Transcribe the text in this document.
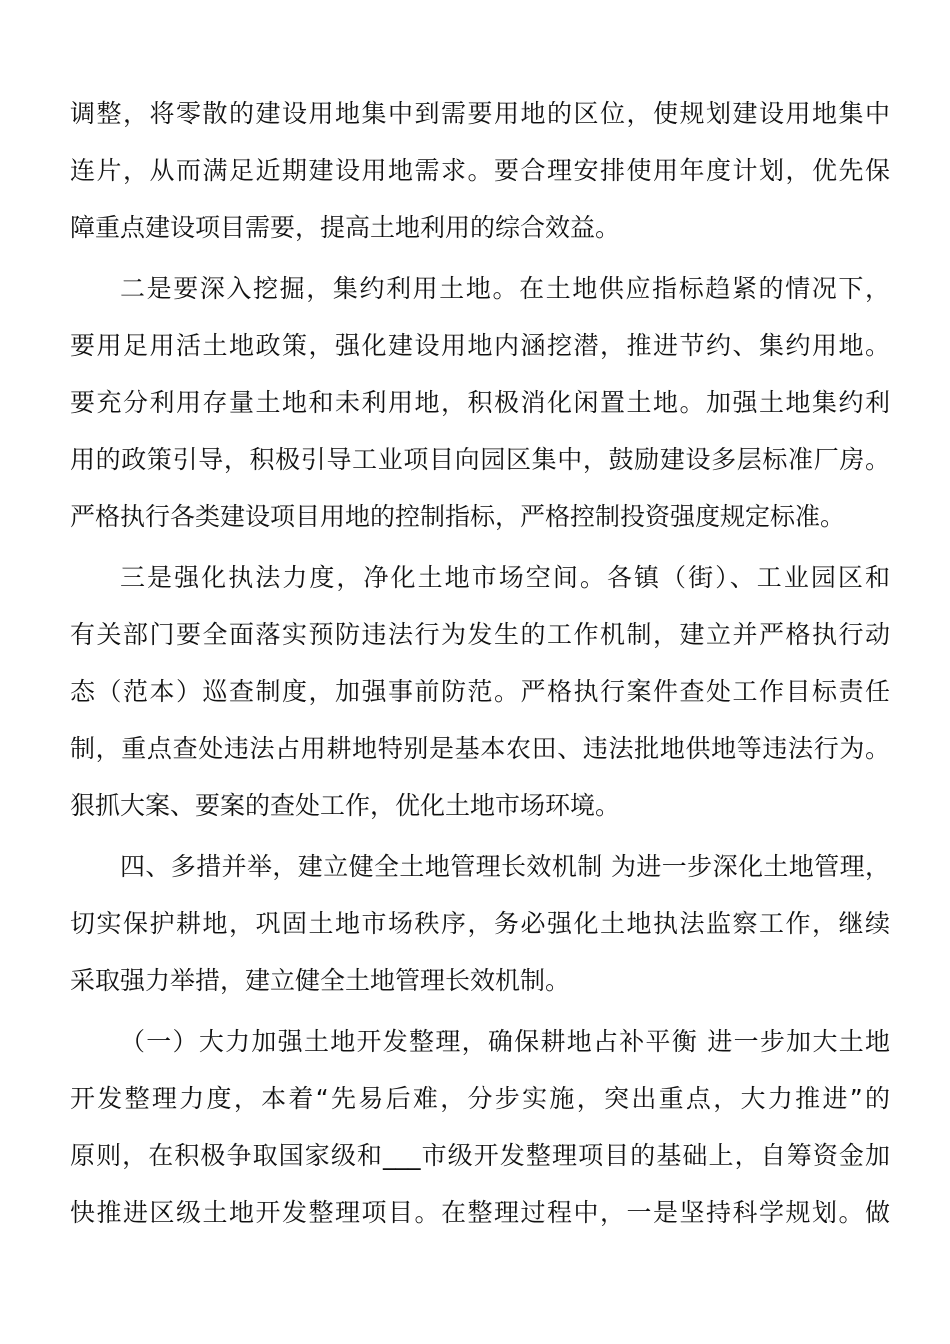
调整，将零散的建设用地集中到需要用地的区位，使规划建设用地集中
连片，从而满足近期建设用地需求。要合理安排使用年度计划，优先保
障重点建设项目需要，提高土地利用的综合效益。
二是要深入挖掘，集约利用土地。在土地供应指标趋紧的情况下，
要用足用活土地政策，强化建设用地内涵挖潜，推进节约、集约用地。
要充分利用存量土地和未利用地，积极消化闲置土地。加强土地集约利
用的政策引导，积极引导工业项目向园区集中，鼓励建设多层标准厂房。
严格执行各类建设项目用地的控制指标，严格控制投资强度规定标准。
三是强化执法力度，净化土地市场空间。各镇（街）、工业园区和
有关部门要全面落实预防违法行为发生的工作机制，建立并严格执行动
态（范本）巡查制度，加强事前防范。严格执行案件查处工作目标责任
制，重点查处违法占用耕地特别是基本农田、违法批地供地等违法行为。
狠抓大案、要案的查处工作，优化土地市场环境。
四、多措并举，建立健全土地管理长效机制 为进一步深化土地管理，
切实保护耕地，巩固土地市场秩序，务必强化土地执法监察工作，继续
采取强力举措，建立健全土地管理长效机制。
（一）大力加强土地开发整理，确保耕地占补平衡 进一步加大土地
开发整理力度，本着“先易后难，分步实施，突出重点，大力推进”的
原则，在积极争取国家级和___市级开发整理项目的基础上，自筹资金加
快推进区级土地开发整理项目。在整理过程中，一是坚持科学规划。做
